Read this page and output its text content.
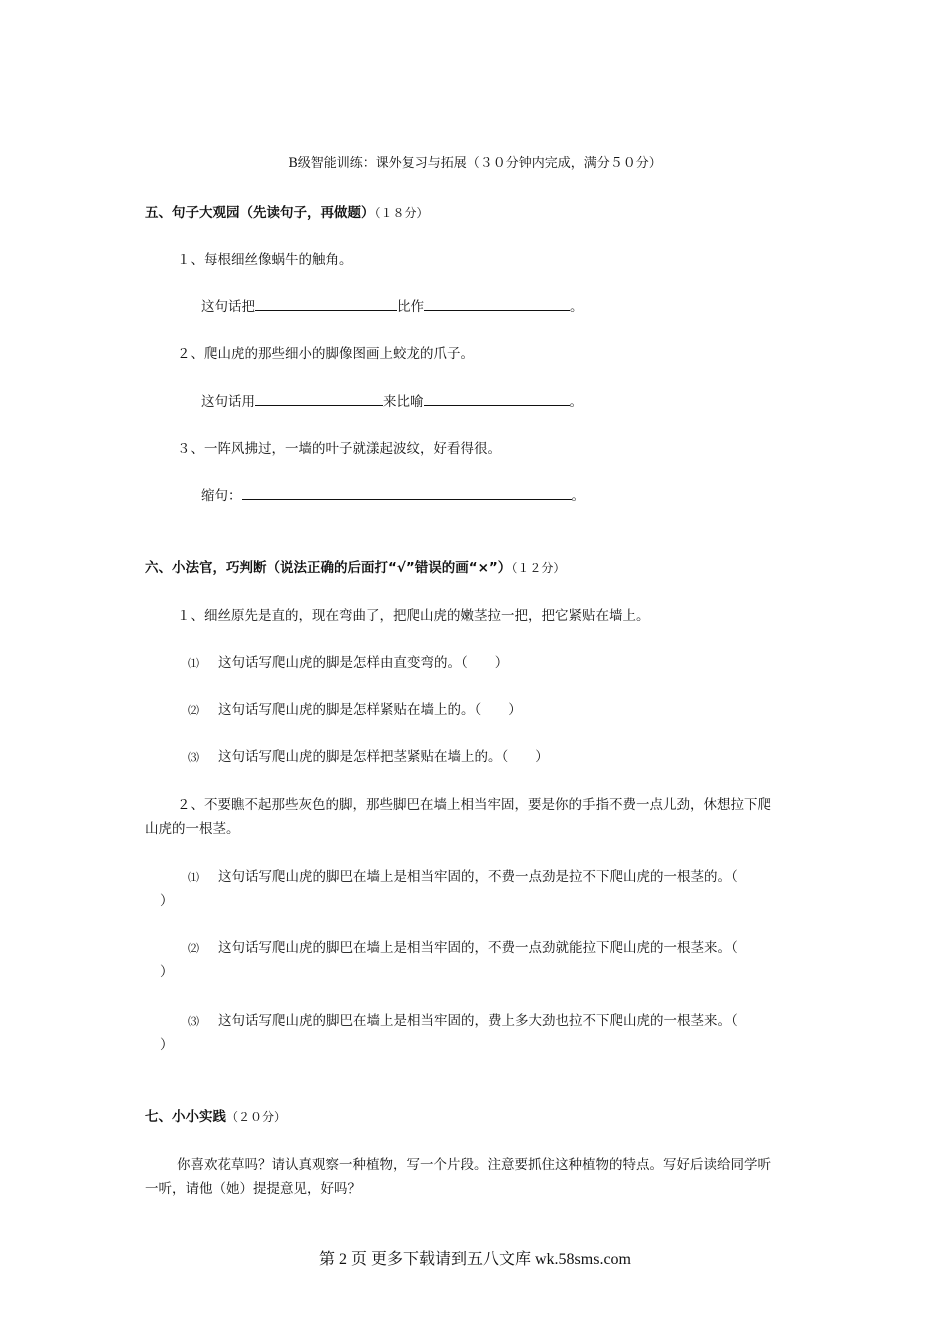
B级智能训练：课外复习与拓展（３０分钟内完成，满分５０分）
五、句子大观园（先读句子，再做题）（１８分）
１、每根细丝像蜗牛的触角。
这句话把	比作	。
２、爬山虎的那些细小的脚像图画上蛟龙的爪子。
这句话用	来比喻	。
３、一阵风拂过，一墙的叶子就漾起波纹，好看得很。
缩句：	。
六、小法官，巧判断（说法正确的后面打“√”错误的画“×”）（１２分）
１、细丝原先是直的，现在弯曲了，把爬山虎的嫩茎拉一把，把它紧贴在墙上。
⑴ 这句话写爬山虎的脚是怎样由直变弯的。（　　）
⑵ 这句话写爬山虎的脚是怎样紧贴在墙上的。（　　）
⑶ 这句话写爬山虎的脚是怎样把茎紧贴在墙上的。（　　）
２、不要瞧不起那些灰色的脚，那些脚巴在墙上相当牢固，要是你的手指不费一点儿劲，休想拉下爬
山虎的一根茎。
⑴ 这句话写爬山虎的脚巴在墙上是相当牢固的，不费一点劲是拉不下爬山虎的一根茎的。（
）
⑵ 这句话写爬山虎的脚巴在墙上是相当牢固的，不费一点劲就能拉下爬山虎的一根茎来。（
）
⑶ 这句话写爬山虎的脚巴在墙上是相当牢固的，费上多大劲也拉不下爬山虎的一根茎来。（
）
七、小小实践（２０分）
你喜欢花草吗？请认真观察一种植物，写一个片段。注意要抓住这种植物的特点。写好后读给同学听
一听，请他（她）提提意见，好吗？
第 2 页 更多下载请到五八文库 wk.58sms.com
